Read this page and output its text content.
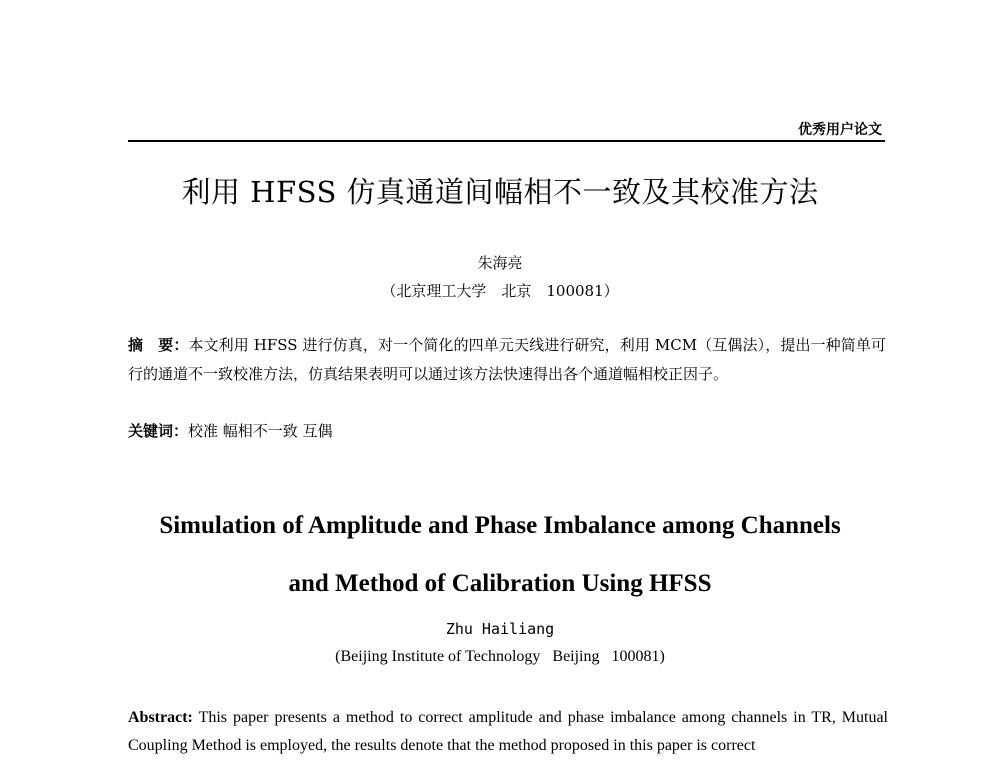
优秀用户论文
利用 HFSS 仿真通道间幅相不一致及其校准方法
朱海亮
（北京理工大学　北京　100081）
摘　要：本文利用 HFSS 进行仿真，对一个简化的四单元天线进行研究，利用 MCM（互偶法），提出一种简单可行的通道不一致校准方法，仿真结果表明可以通过该方法快速得出各个通道幅相校正因子。
关键词：校准 幅相不一致 互偶
Simulation of Amplitude and Phase Imbalance among Channels
and Method of Calibration Using HFSS
Zhu Hailiang
(Beijing Institute of Technology   Beijing   100081)
Abstract: This paper presents a method to correct amplitude and phase imbalance among channels in TR, Mutual Coupling Method is employed, the results denote that the method proposed in this paper is correct
